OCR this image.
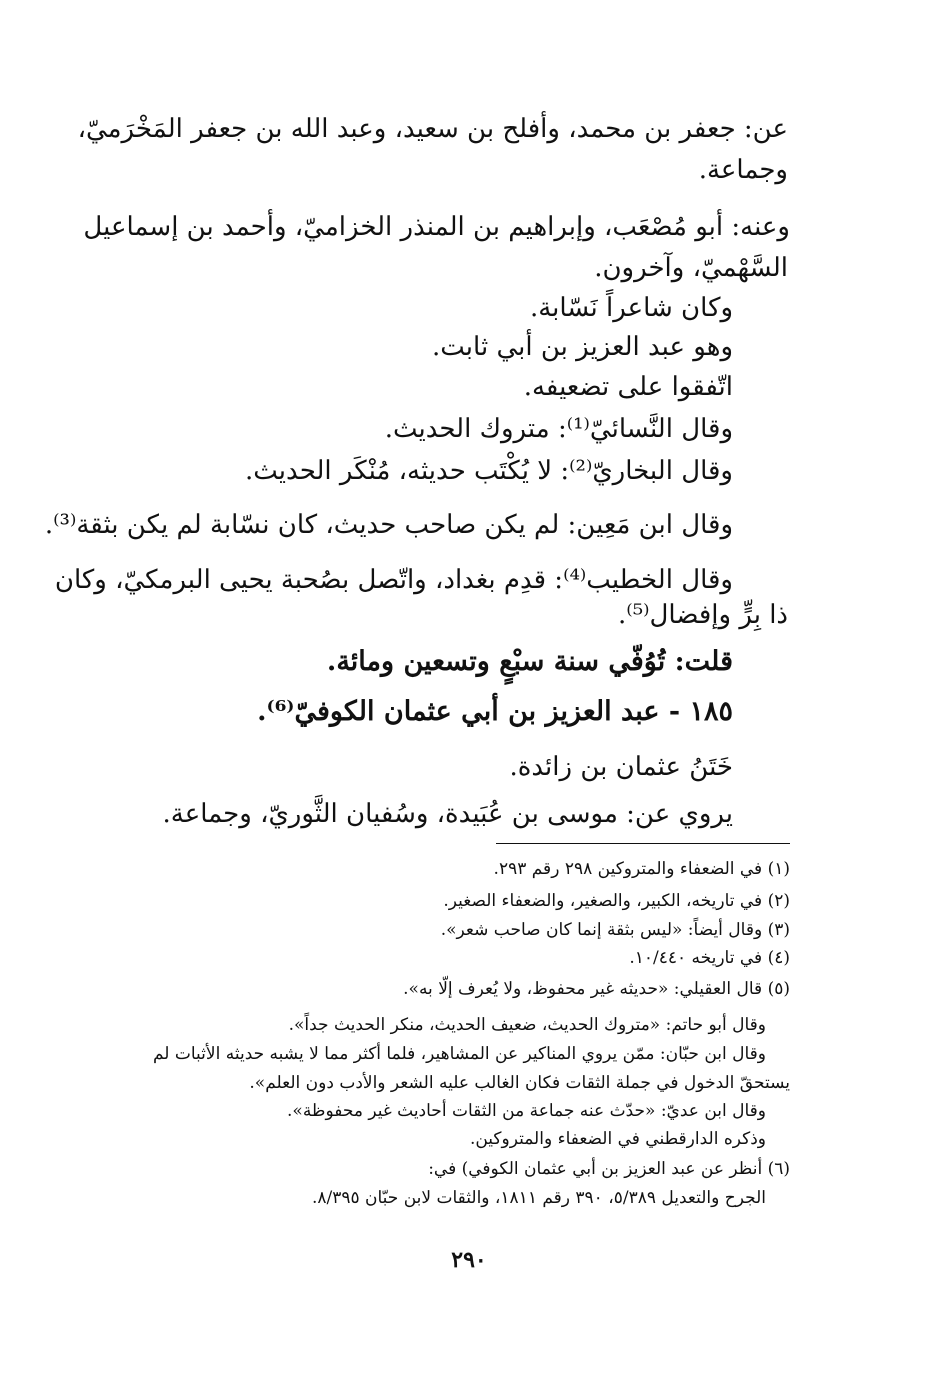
عن: جعفر بن محمد، وأفلح بن سعيد، وعبد الله بن جعفر المَخْرَميّ،
وجماعة.
وعنه: أبو مُصْعَب، وإبراهيم بن المنذر الخزاميّ، وأحمد بن إسماعيل
السَّهْميّ، وآخرون.
وكان شاعراً نَسّابة.
وهو عبد العزيز بن أبي ثابت.
اتّفقوا على تضعيفه.
وقال النَّسائيّ⁽¹⁾: متروك الحديث.
وقال البخاريّ⁽²⁾: لا يُكْتَب حديثه، مُنْكَر الحديث.
وقال ابن مَعِين: لم يكن صاحب حديث، كان نسّابة لم يكن بثقة⁽³⁾.
وقال الخطيب⁽⁴⁾: قدِم بغداد، واتّصل بصُحبة يحيى البرمكيّ، وكان
ذا بِرٍّ وإفضال⁽⁵⁾.
قلت: تُوُفّي سنة سبْعٍ وتسعين ومائة.
١٨٥ - عبد العزيز بن أبي عثمان الكوفيّ⁽⁶⁾.
خَتَنُ عثمان بن زائدة.
يروي عن: موسى بن عُبَيدة، وسُفيان الثَّوريّ، وجماعة.
(١) في الضعفاء والمتروكين ٢٩٨ رقم ٢٩٣.
(٢) في تاريخه، الكبير، والصغير، والضعفاء الصغير.
(٣) وقال أيضاً: «ليس بثقة إنما كان صاحب شعر».
(٤) في تاريخه ١٠/٤٤٠.
(٥) قال العقيلي: «حديثه غير محفوظ، ولا يُعرف إلّا به».
وقال أبو حاتم: «متروك الحديث، ضعيف الحديث، منكر الحديث جداً».
وقال ابن حبّان: ممّن يروي المناكير عن المشاهير، فلما أكثر مما لا يشبه حديثه الأثبات لم
يستحقّ الدخول في جملة الثقات فكان الغالب عليه الشعر والأدب دون العلم».
وقال ابن عديّ: «حدّث عنه جماعة من الثقات أحاديث غير محفوظة».
وذكره الدارقطني في الضعفاء والمتروكين.
(٦) أنظر عن عبد العزيز بن أبي عثمان الكوفي) في:
الجرح والتعديل ٥/٣٨٩، ٣٩٠ رقم ١٨١١، والثقات لابن حبّان ٨/٣٩٥.
٢٩٠
